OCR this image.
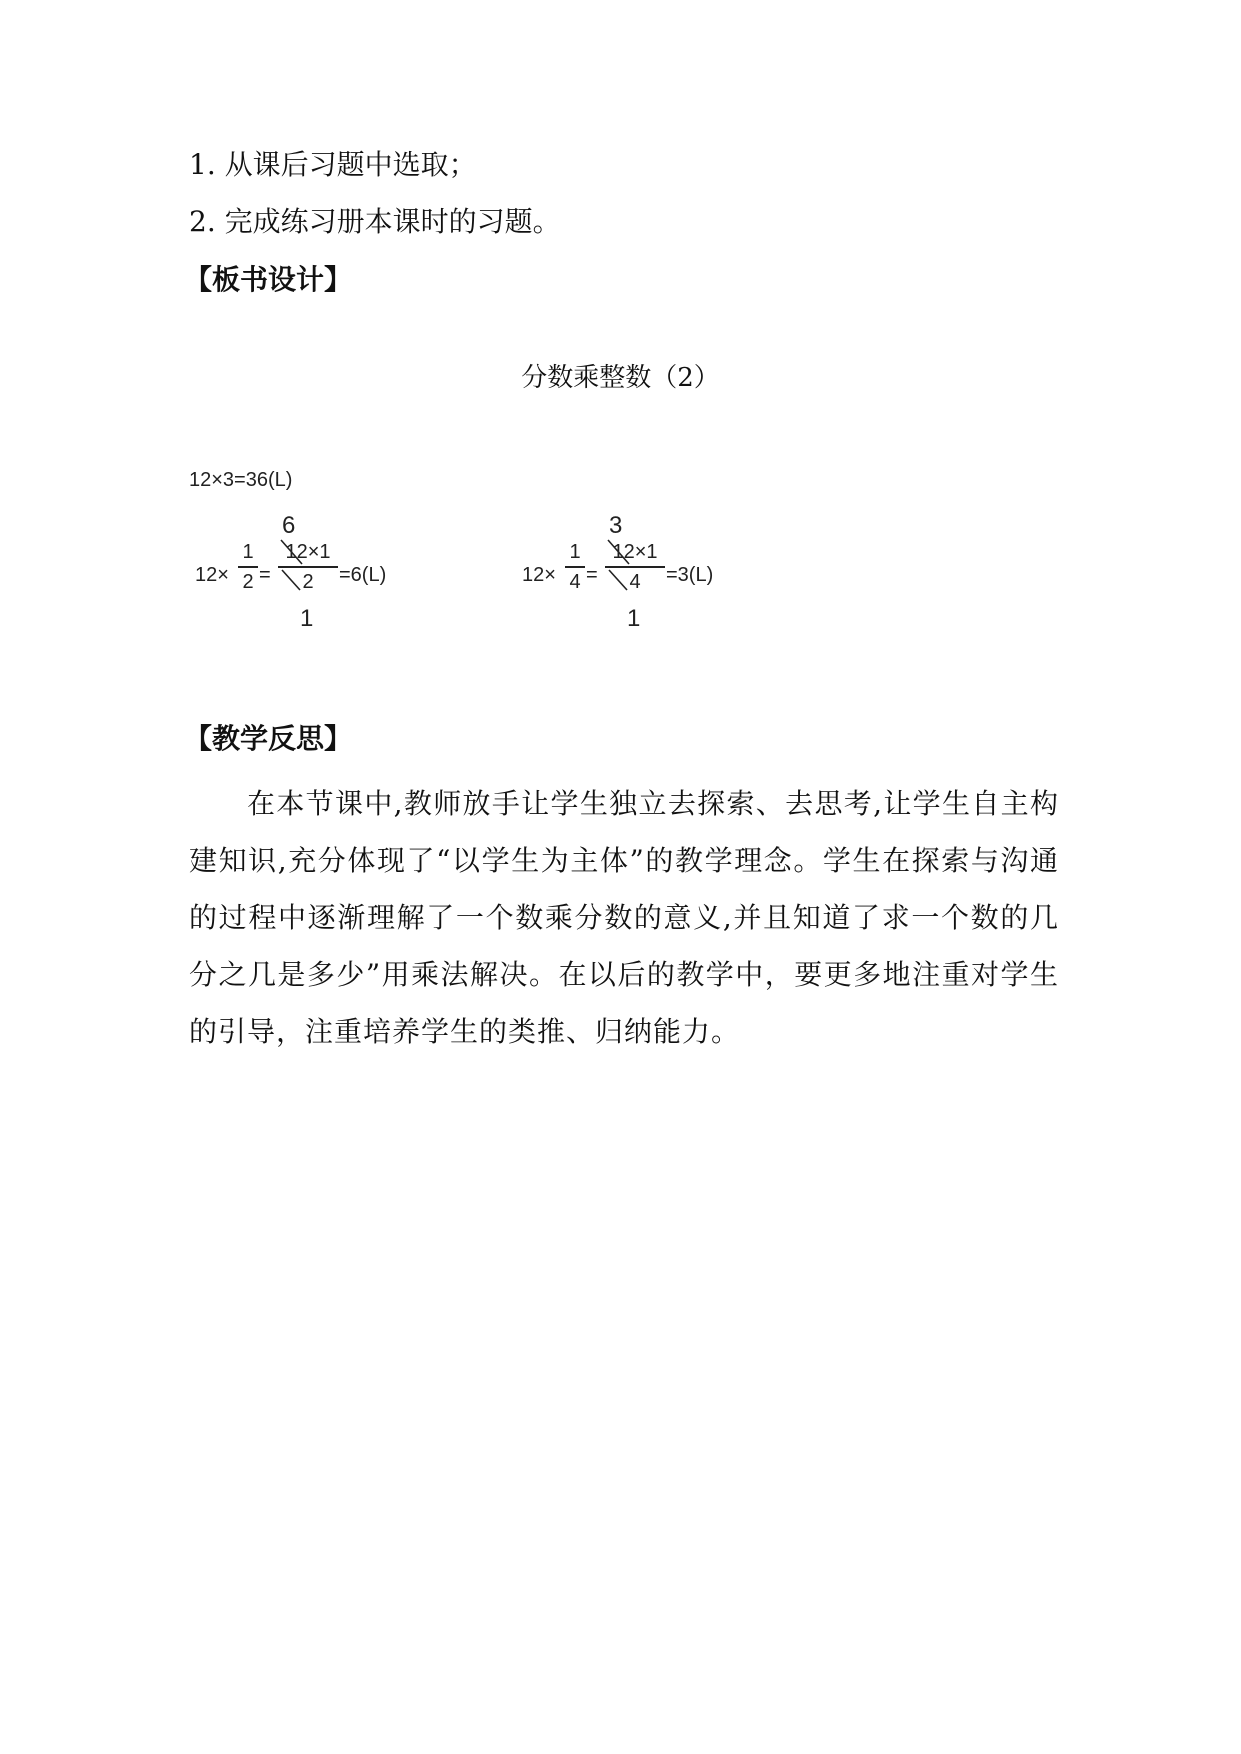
1. 从课后习题中选取；
2. 完成练习册本课时的习题。
【板书设计】
分数乘整数（2）
12×3=36(L)
12×
1
2 =
6
12×1
2
1
=6(L)	12×
1
4 =
3
12×1
4
1
=3(L)
【教学反思】

在本节课中,教师放手让学生独立去探索、去思考,让学生自主构建知识,充分体现了“以学生为主体”的教学理念。学生在探索与沟通的过程中逐渐理解了一个数乘分数的意义,并且知道了求一个数的几分之几是多少”用乘法解决。在以后的教学中，要更多地注重对学生的引导，注重培养学生的类推、归纳能力。
